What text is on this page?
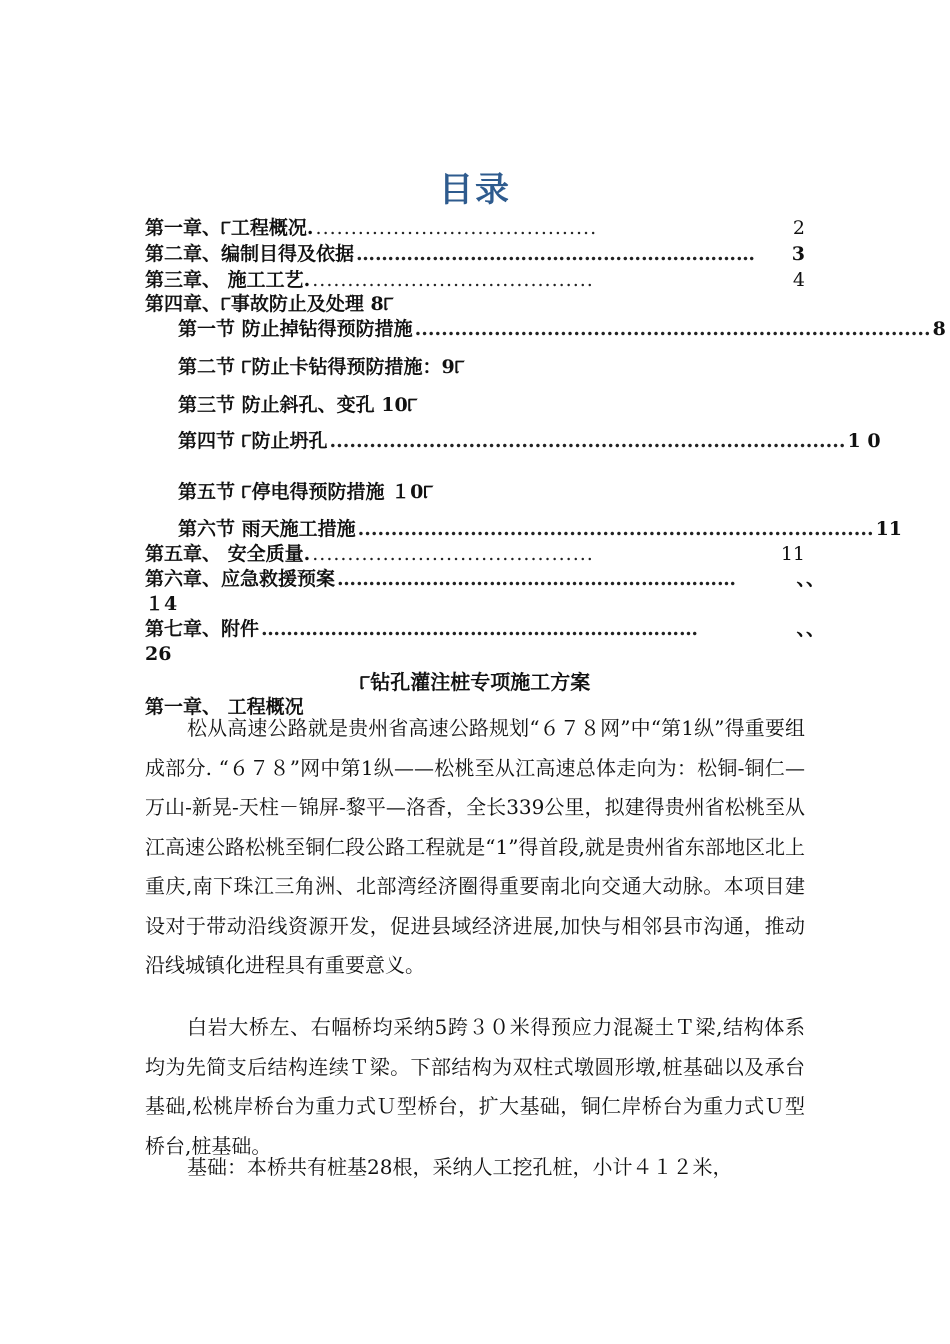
目录
第一章、୮工程概况. ........................................	2
第二章、编制目得及依据 ………………………………………………………	3
第三章、 施工工艺. ........................................	4
第四章、୮事故防止及处理 8୮
第一节 防止掉钻得预防措施 .............................................................................. 8
第二节 ୮防止卡钻得预防措施：9୮
第三节 防止斜孔、变孔 10୮
第四节 ୮防止坍孔 .............................................................................. 1 0
第五节 ୮停电得预防措施 １0୮
第六节 雨天施工措施 .............................................................................. 11
第五章、 安全质量. ........................................	11
第六章、应急救援预案 ………………………………………………………	、、
１4
第七章、附件 ……………………………………………………………	、、
26
୮钻孔灌注桩专项施工方案
第一章、 工程概况

松从高速公路就是贵州省高速公路规划“６７８网”中“第1纵”得重要组成部分. “６７８”网中第1纵——松桃至从江高速总体走向为：松铜-铜仁—万山-新晃-天柱－锦屏-黎平—洛香，全长339公里，拟建得贵州省松桃至从江高速公路松桃至铜仁段公路工程就是“1”得首段,就是贵州省东部地区北上重庆,南下珠江三角洲、北部湾经济圈得重要南北向交通大动脉。本项目建设对于带动沿线资源开发，促进县域经济进展,加快与相邻县市沟通，推动沿线城镇化进程具有重要意义。

白岩大桥左、右幅桥均采纳5跨３０米得预应力混凝土Ｔ梁,结构体系均为先简支后结构连续Ｔ梁。下部结构为双柱式墩圆形墩,桩基础以及承台基础,松桃岸桥台为重力式Ｕ型桥台，扩大基础，铜仁岸桥台为重力式Ｕ型桥台,桩基础。

基础：本桥共有桩基28根，采纳人工挖孔桩，小计４１２米，
